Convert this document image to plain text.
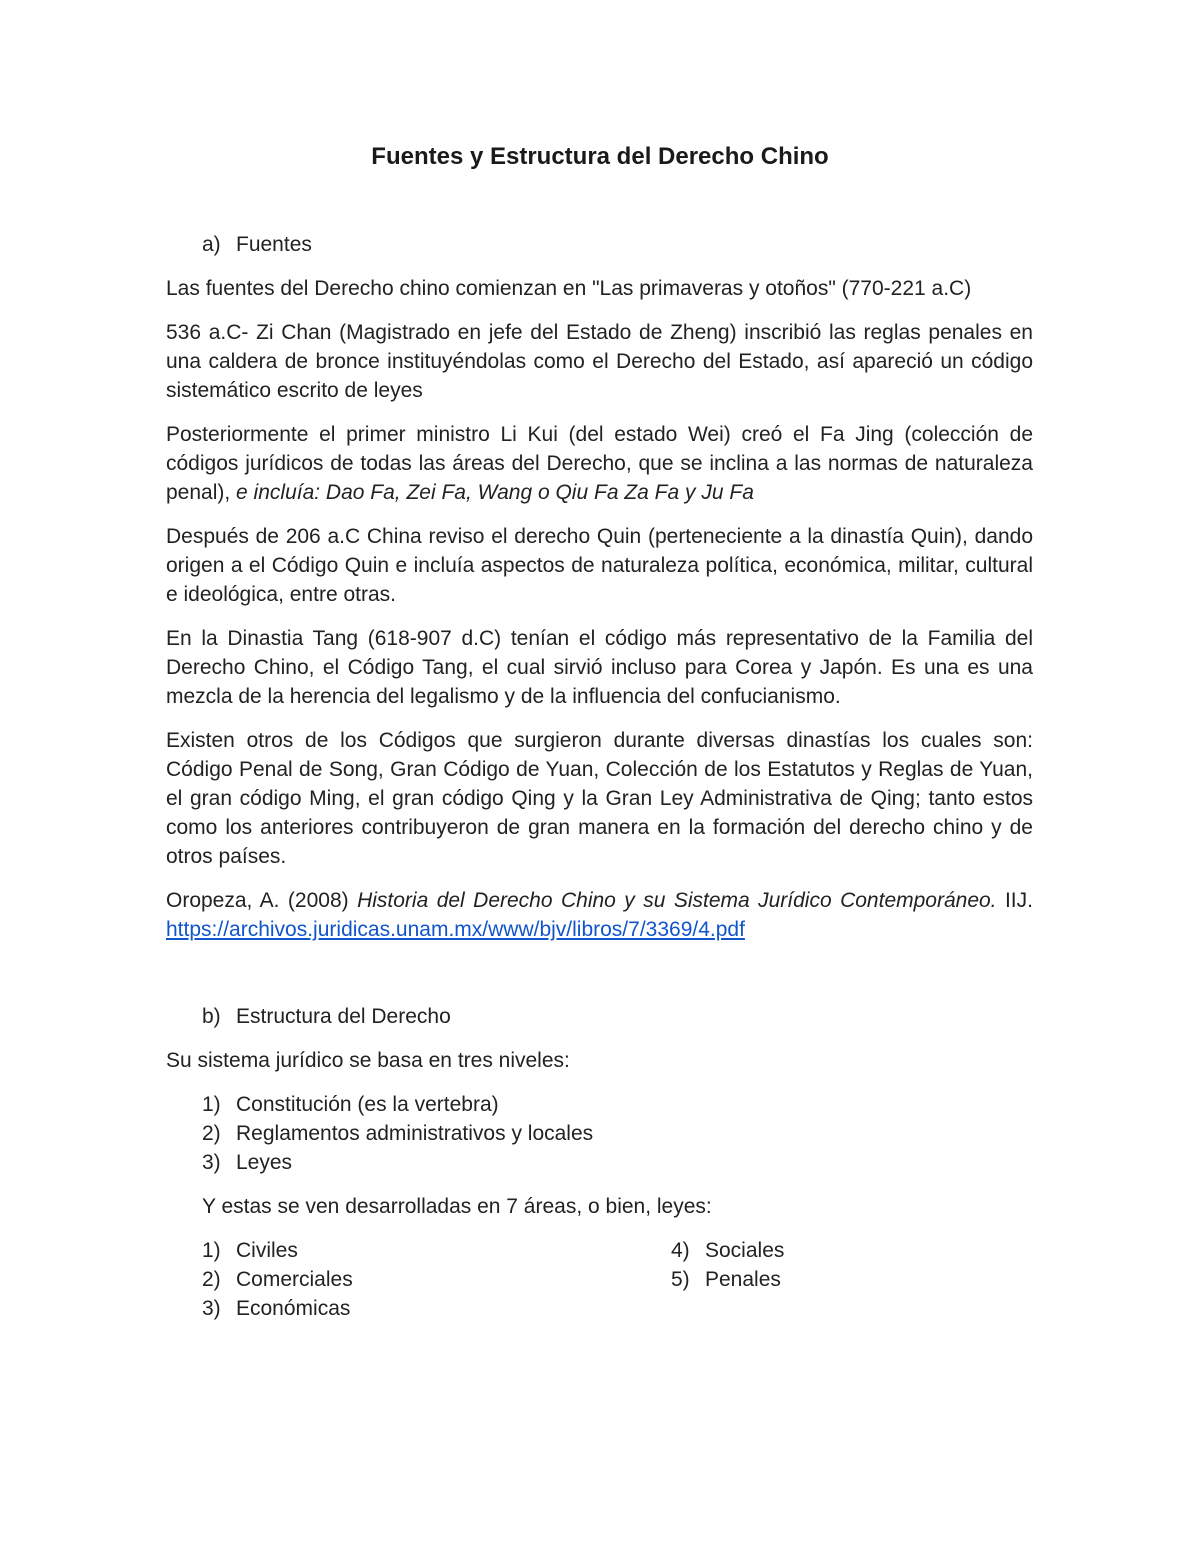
Fuentes y Estructura del Derecho Chino
a) Fuentes

Las fuentes del Derecho chino comienzan en "Las primaveras y otoños" (770-221 a.C)

536 a.C- Zi Chan (Magistrado en jefe del Estado de Zheng) inscribió las reglas penales en una caldera de bronce instituyéndolas como el Derecho del Estado, así apareció un código sistemático escrito de leyes

Posteriormente el primer ministro Li Kui (del estado Wei) creó el Fa Jing (colección de códigos jurídicos de todas las áreas del Derecho, que se inclina a las normas de naturaleza penal), e incluía: Dao Fa, Zei Fa, Wang o Qiu Fa Za Fa y Ju Fa

Después de 206 a.C China reviso el derecho Quin (perteneciente a la dinastía Quin), dando origen a el Código Quin e incluía aspectos de naturaleza política, económica, militar, cultural e ideológica, entre otras.

En la Dinastia Tang (618-907 d.C) tenían el código más representativo de la Familia del Derecho Chino, el Código Tang, el cual sirvió incluso para Corea y Japón. Es una es una mezcla de la herencia del legalismo y de la influencia del confucianismo.

Existen otros de los Códigos que surgieron durante diversas dinastías los cuales son: Código Penal de Song, Gran Código de Yuan, Colección de los Estatutos y Reglas de Yuan, el gran código Ming, el gran código Qing y la Gran Ley Administrativa de Qing; tanto estos como los anteriores contribuyeron de gran manera en la formación del derecho chino y de otros países.

Oropeza, A. (2008) Historia del Derecho Chino y su Sistema Jurídico Contemporáneo. IIJ.
https://archivos.juridicas.unam.mx/www/bjv/libros/7/3369/4.pdf

b) Estructura del Derecho

Su sistema jurídico se basa en tres niveles:

1) Constitución (es la vertebra)
2) Reglamentos administrativos y locales
3) Leyes
Y estas se ven desarrolladas en 7 áreas, o bien, leyes:
1) Civiles
2) Comerciales
3) Económicas
4) Sociales
5) Penales
